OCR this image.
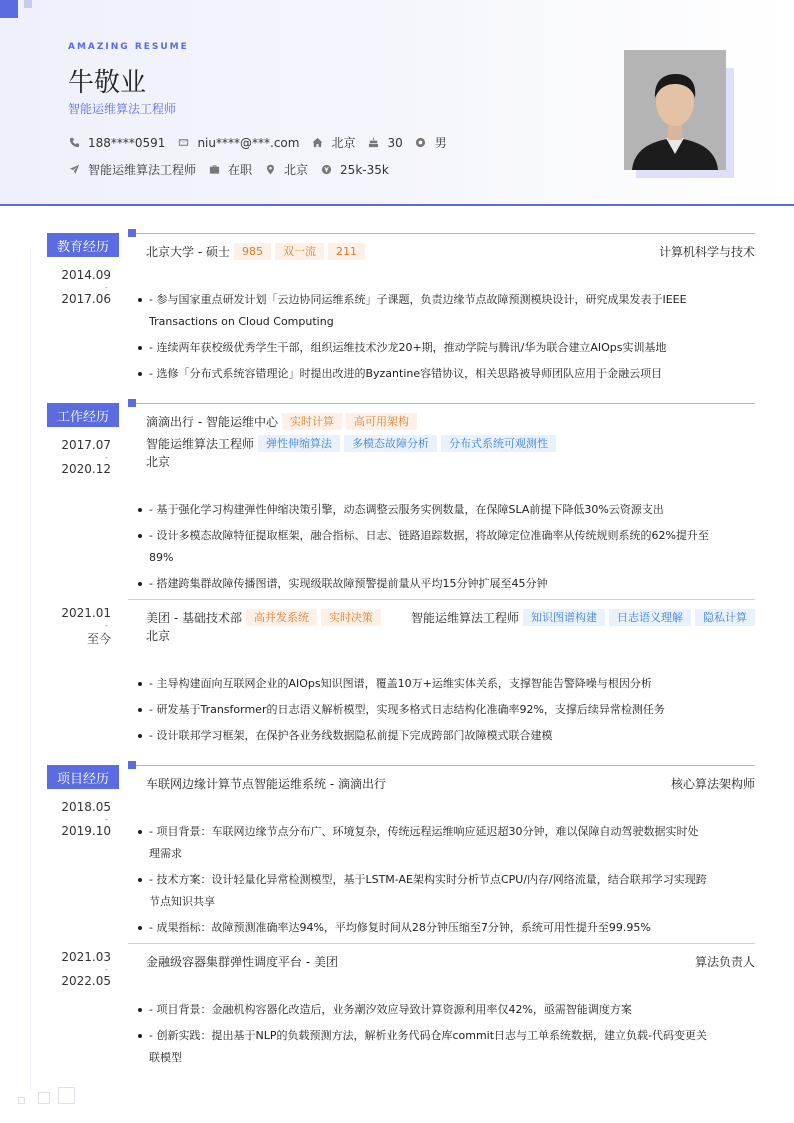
AMAZING RESUME
牛敬业
智能运维算法工程师
188****0591	niu****@***.com	北京	30	男
智能运维算法工程师	在职	北京	25k-35k
教育经历
2014.09
-
2017.06
北京大学 - 硕士	985	双一流	211	计算机科学与技术
- 参与国家重点研发计划「云边协同运维系统」子课题，负责边缘节点故障预测模块设计，研究成果发表于IEEE
Transactions on Cloud Computing
- 连续两年获校级优秀学生干部，组织运维技术沙龙20+期，推动学院与腾讯/华为联合建立AIOps实训基地
- 选修「分布式系统容错理论」时提出改进的Byzantine容错协议，相关思路被导师团队应用于金融云项目
工作经历
2017.07
-
2020.12
滴滴出行 - 智能运维中心	实时计算	高可用架构
智能运维算法工程师	弹性伸缩算法	多模态故障分析	分布式系统可观测性
北京
- 基于强化学习构建弹性伸缩决策引擎，动态调整云服务实例数量，在保障SLA前提下降低30%云资源支出
- 设计多模态故障特征提取框架，融合指标、日志、链路追踪数据，将故障定位准确率从传统规则系统的62%提升至
89%
- 搭建跨集群故障传播图谱，实现级联故障预警提前量从平均15分钟扩展至45分钟
2021.01
-
至今
美团 - 基础技术部	高并发系统	实时决策	智能运维算法工程师	知识图谱构建	日志语义理解	隐私计算
北京
- 主导构建面向互联网企业的AIOps知识图谱，覆盖10万+运维实体关系，支撑智能告警降噪与根因分析
- 研发基于Transformer的日志语义解析模型，实现多格式日志结构化准确率92%，支撑后续异常检测任务
- 设计联邦学习框架，在保护各业务线数据隐私前提下完成跨部门故障模式联合建模
项目经历
2018.05
-
2019.10
车联网边缘计算节点智能运维系统 - 滴滴出行	核心算法架构师
- 项目背景：车联网边缘节点分布广、环境复杂，传统远程运维响应延迟超30分钟，难以保障自动驾驶数据实时处
理需求
- 技术方案：设计轻量化异常检测模型，基于LSTM-AE架构实时分析节点CPU/内存/网络流量，结合联邦学习实现跨
节点知识共享
- 成果指标：故障预测准确率达94%，平均修复时间从28分钟压缩至7分钟，系统可用性提升至99.95%
2021.03
-
2022.05
金融级容器集群弹性调度平台 - 美团	算法负责人
- 项目背景：金融机构容器化改造后，业务潮汐效应导致计算资源利用率仅42%，亟需智能调度方案
- 创新实践：提出基于NLP的负载预测方法，解析业务代码仓库commit日志与工单系统数据，建立负载-代码变更关
联模型
